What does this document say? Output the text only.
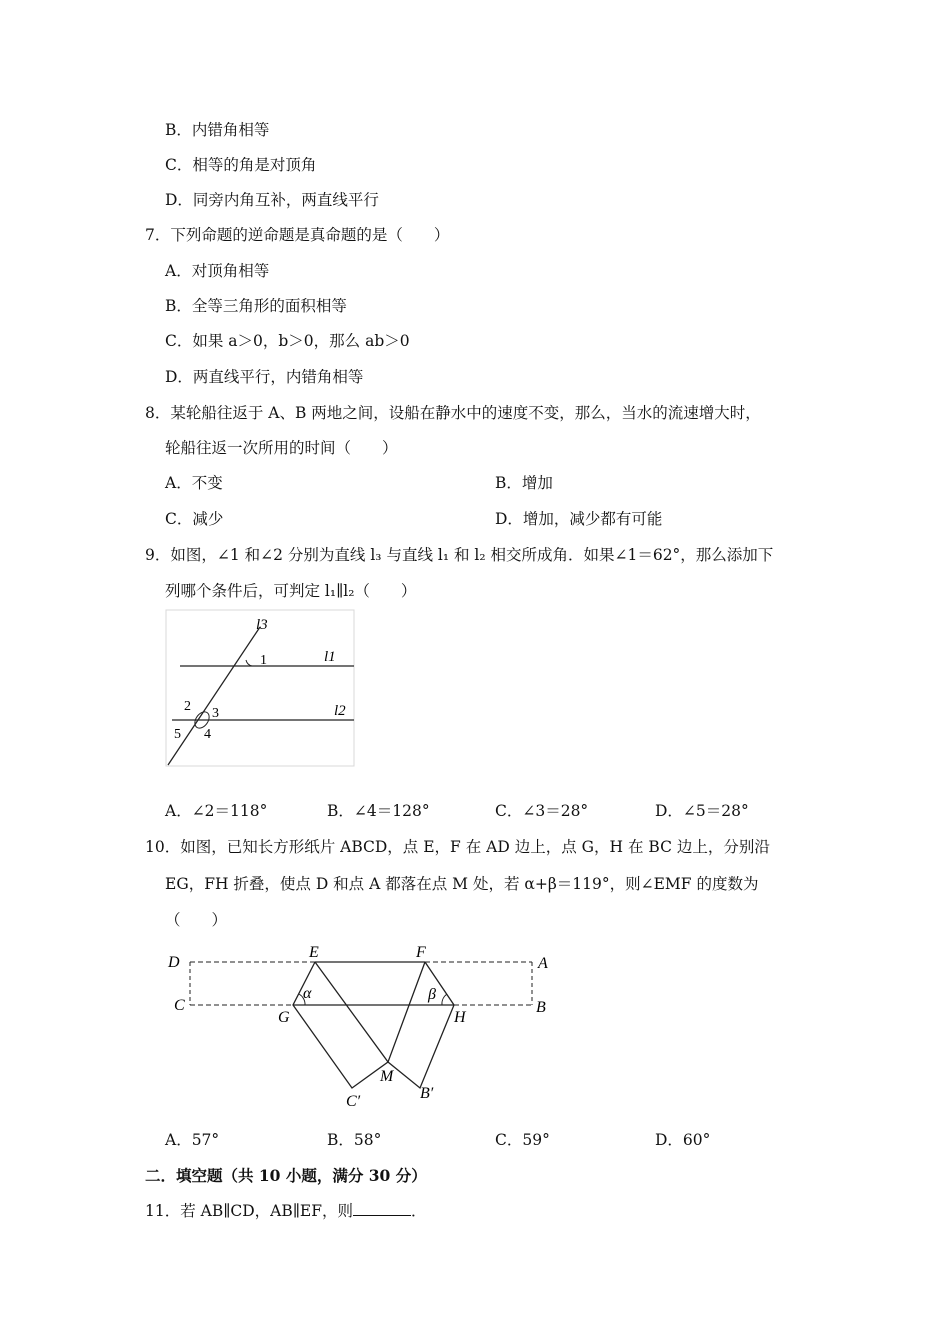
B．内错角相等
C．相等的角是对顶角
D．同旁内角互补，两直线平行
7．下列命题的逆命题是真命题的是（　　）
A．对顶角相等
B．全等三角形的面积相等
C．如果 a＞0，b＞0，那么 ab＞0
D．两直线平行，内错角相等
8．某轮船往返于 A、B 两地之间，设船在静水中的速度不变，那么，当水的流速增大时，
轮船往返一次所用的时间（　　）
A．不变	B．增加
C．减少	D．增加，减少都有可能
9．如图，∠1 和∠2 分别为直线 l₃ 与直线 l₁ 和 l₂ 相交所成角．如果∠1＝62°，那么添加下
列哪个条件后，可判定 l₁∥l₂（　　）
l3
l1
l2
1
2 3
4
5
A．∠2＝118°	B．∠4＝128°	C．∠3＝28°	D．∠5＝28°
10．如图，已知长方形纸片 ABCD，点 E，F 在 AD 边上，点 G，H 在 BC 边上，分别沿
EG，FH 折叠，使点 D 和点 A 都落在点 M 处，若 α+β＝119°，则∠EMF 的度数为
（　　）
D	A
C	B
E	F
G	H
M
C′	B′
α	β
A．57°	B．58°	C．59°	D．60°
二．填空题（共 10 小题，满分 30 分）
11．若 AB∥CD，AB∥EF，则	．
